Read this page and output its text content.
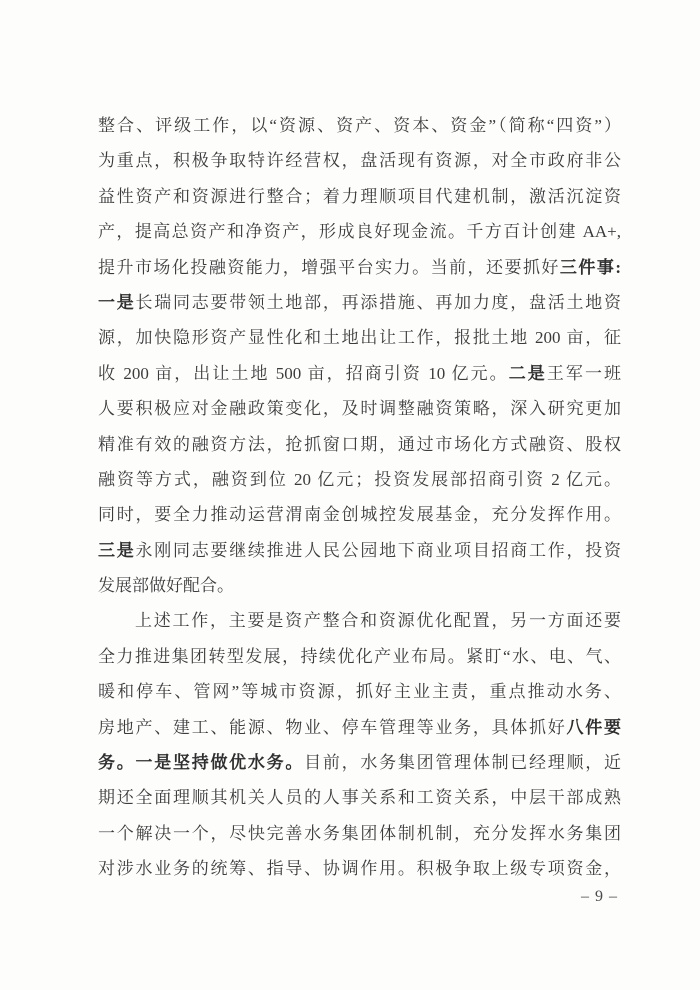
整合、评级工作，以“资源、资产、资本、资金”（简称“四资”）
为重点，积极争取特许经营权，盘活现有资源，对全市政府非公
益性资产和资源进行整合；着力理顺项目代建机制，激活沉淀资
产，提高总资产和净资产，形成良好现金流。千方百计创建 AA+,
提升市场化投融资能力，增强平台实力。当前，还要抓好三件事:
一是长瑞同志要带领土地部，再添措施、再加力度，盘活土地资
源，加快隐形资产显性化和土地出让工作，报批土地 200 亩，征
收 200 亩，出让土地 500 亩，招商引资 10 亿元。二是王军一班
人要积极应对金融政策变化，及时调整融资策略，深入研究更加
精准有效的融资方法，抢抓窗口期，通过市场化方式融资、股权
融资等方式，融资到位 20 亿元；投资发展部招商引资 2 亿元。
同时，要全力推动运营渭南金创城控发展基金，充分发挥作用。
三是永刚同志要继续推进人民公园地下商业项目招商工作，投资
发展部做好配合。
上述工作，主要是资产整合和资源优化配置，另一方面还要
全力推进集团转型发展，持续优化产业布局。紧盯“水、电、气、
暖和停车、管网”等城市资源，抓好主业主责，重点推动水务、
房地产、建工、能源、物业、停车管理等业务，具体抓好八件要
务。一是坚持做优水务。目前，水务集团管理体制已经理顺，近
期还全面理顺其机关人员的人事关系和工资关系，中层干部成熟
一个解决一个，尽快完善水务集团体制机制，充分发挥水务集团
对涉水业务的统筹、指导、协调作用。积极争取上级专项资金，
– 9 –
